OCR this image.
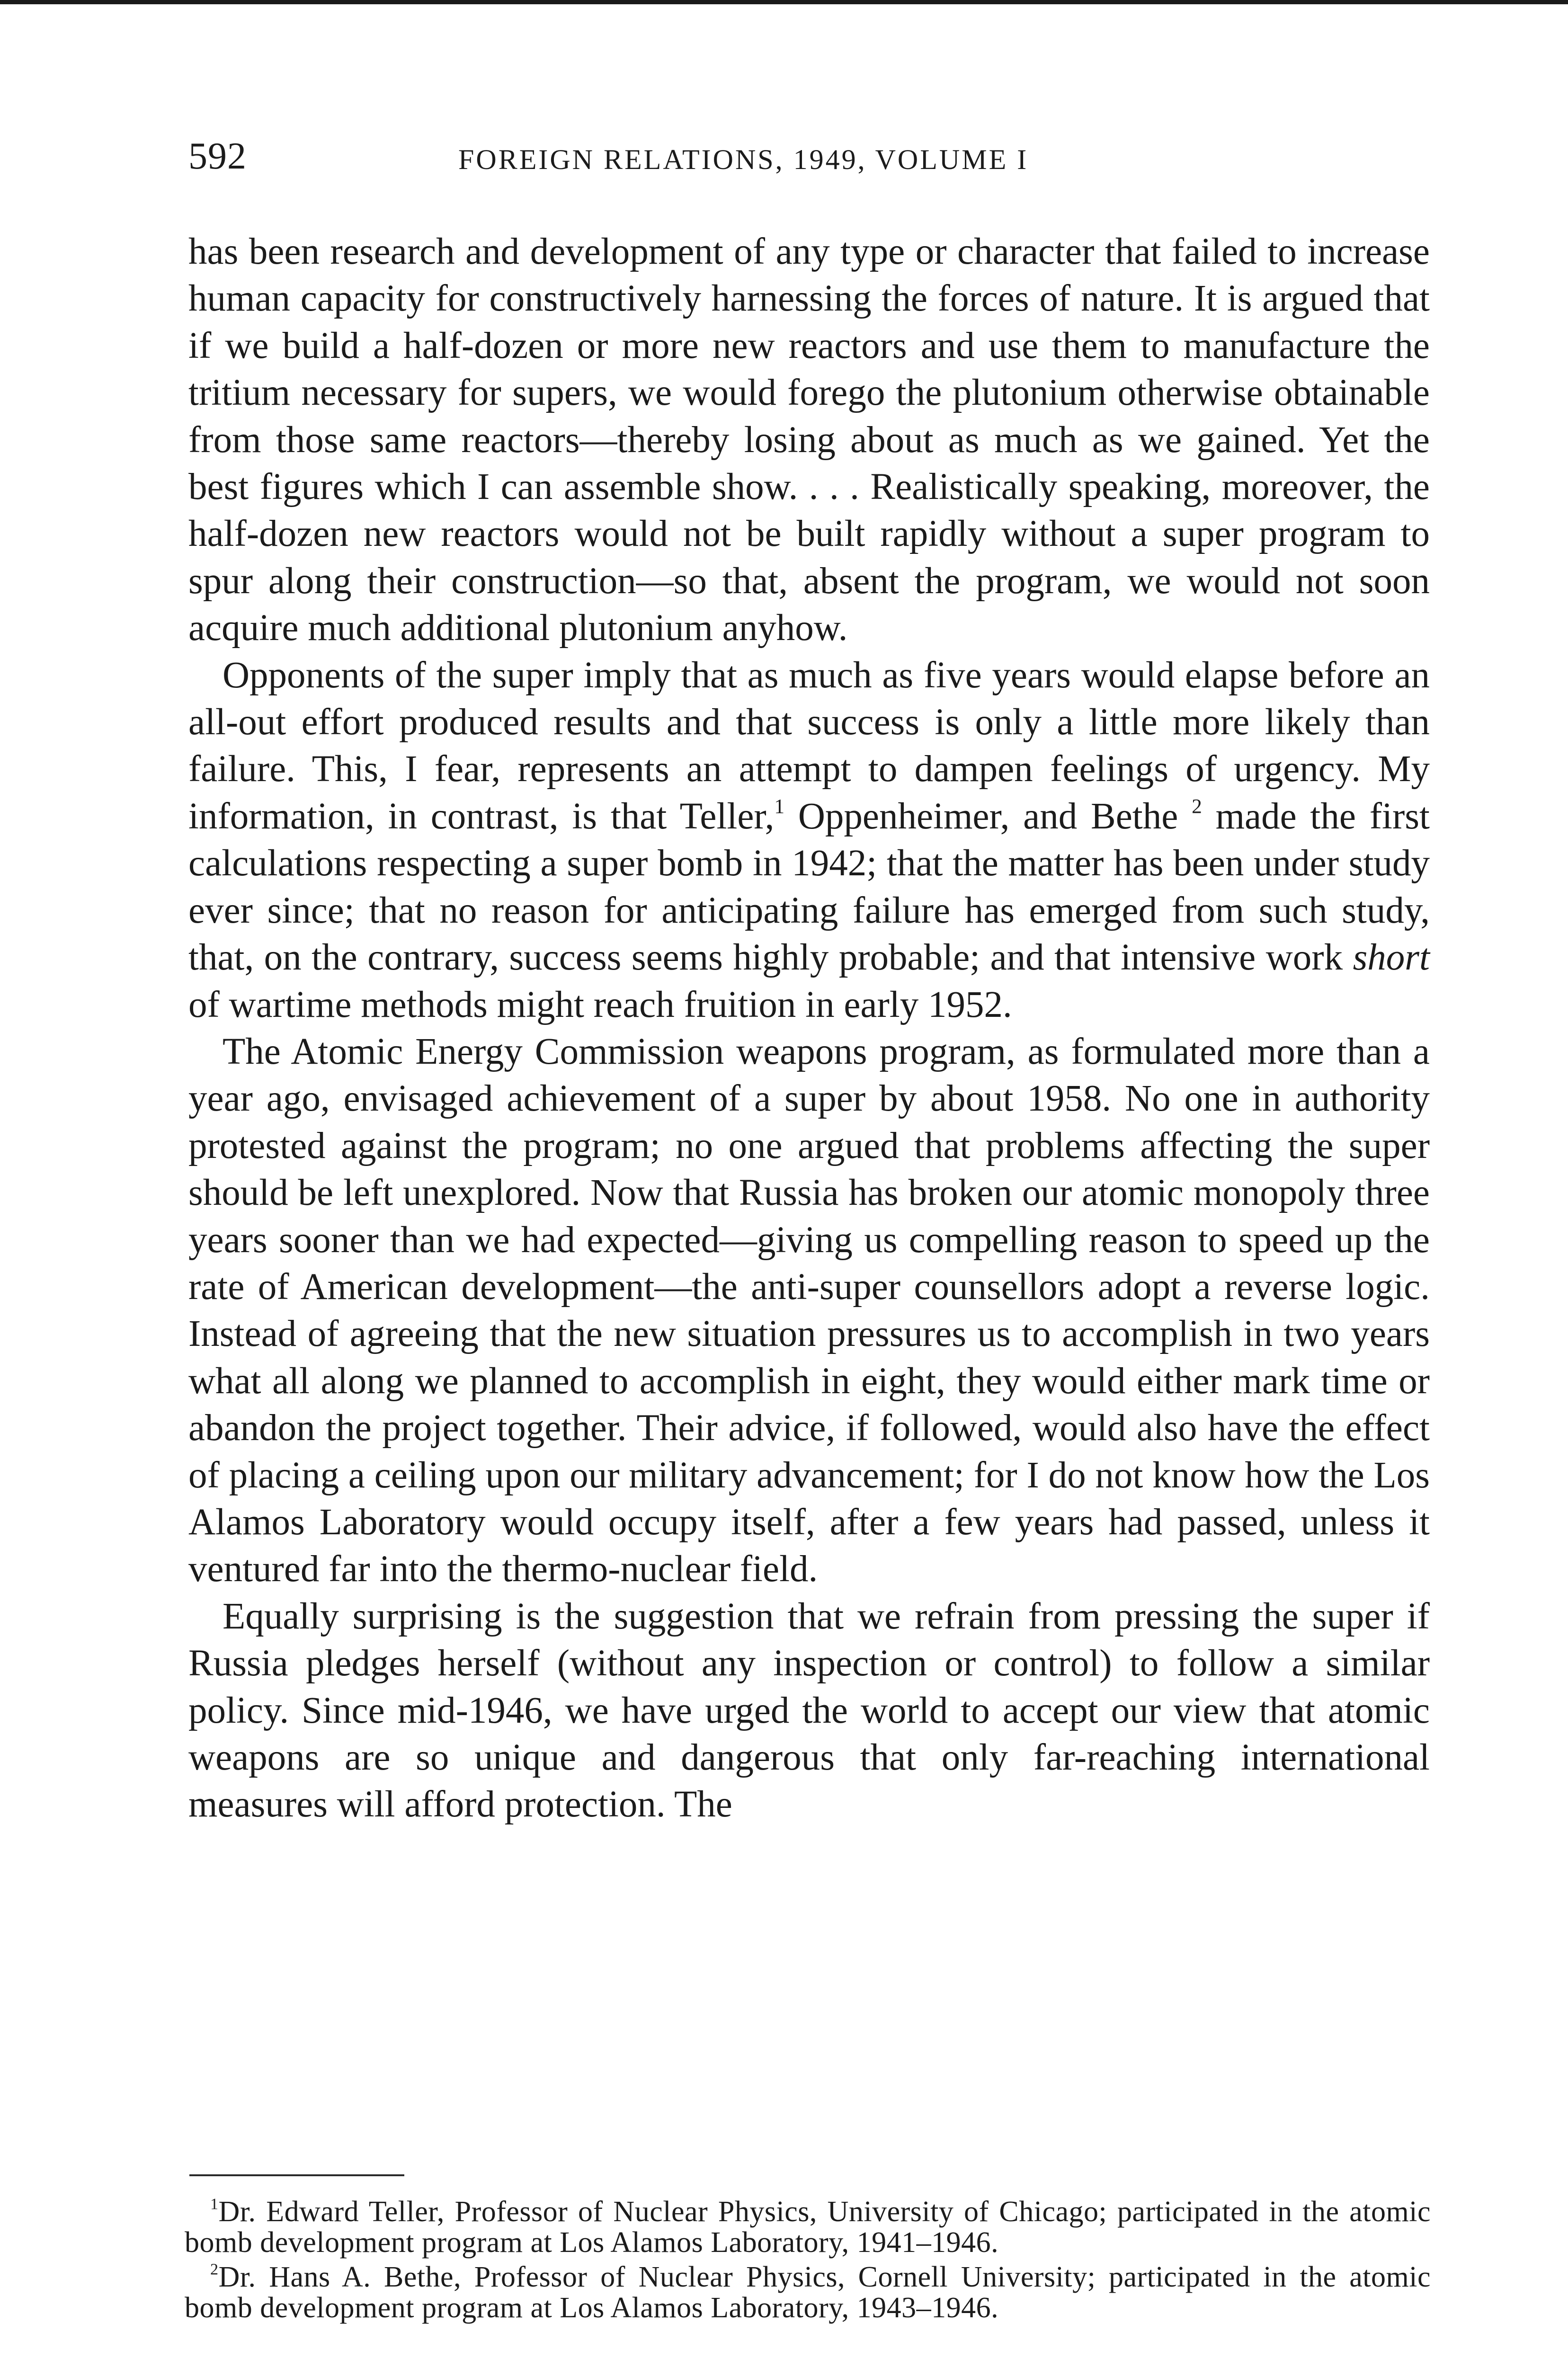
592	FOREIGN RELATIONS, 1949, VOLUME I

has been research and development of any type or character that failed to increase human capacity for constructively harnessing the forces of nature. It is argued that if we build a half-dozen or more new reactors and use them to manufacture the tritium necessary for supers, we would forego the plutonium otherwise obtainable from those same reactors—thereby losing about as much as we gained. Yet the best figures which I can assemble show. . . . Realistically speaking, moreover, the half-dozen new reactors would not be built rapidly without a super program to spur along their construction—so that, absent the program, we would not soon acquire much additional plutonium anyhow.

Opponents of the super imply that as much as five years would elapse before an all-out effort produced results and that success is only a little more likely than failure. This, I fear, represents an attempt to dampen feelings of urgency. My information, in contrast, is that Teller,$^1$ Oppenheimer, and Bethe $^2$ made the first calculations respecting a super bomb in 1942; that the matter has been under study ever since; that no reason for anticipating failure has emerged from such study, that, on the contrary, success seems highly probable; and that intensive work short of wartime methods might reach fruition in early 1952.

The Atomic Energy Commission weapons program, as formulated more than a year ago, envisaged achievement of a super by about 1958. No one in authority protested against the program; no one argued that problems affecting the super should be left unexplored. Now that Russia has broken our atomic monopoly three years sooner than we had expected—giving us compelling reason to speed up the rate of American development—the anti-super counsellors adopt a reverse logic. Instead of agreeing that the new situation pressures us to accomplish in two years what all along we planned to accomplish in eight, they would either mark time or abandon the project together. Their advice, if followed, would also have the effect of placing a ceiling upon our military advancement; for I do not know how the Los Alamos Laboratory would occupy itself, after a few years had passed, unless it ventured far into the thermo-nuclear field.

Equally surprising is the suggestion that we refrain from pressing the super if Russia pledges herself (without any inspection or control) to follow a similar policy. Since mid-1946, we have urged the world to accept our view that atomic weapons are so unique and dangerous that only far-reaching international measures will afford protection. The

$^1$Dr. Edward Teller, Professor of Nuclear Physics, University of Chicago; participated in the atomic bomb development program at Los Alamos Laboratory, 1941–1946.

$^2$Dr. Hans A. Bethe, Professor of Nuclear Physics, Cornell University; participated in the atomic bomb development program at Los Alamos Laboratory, 1943–1946.
